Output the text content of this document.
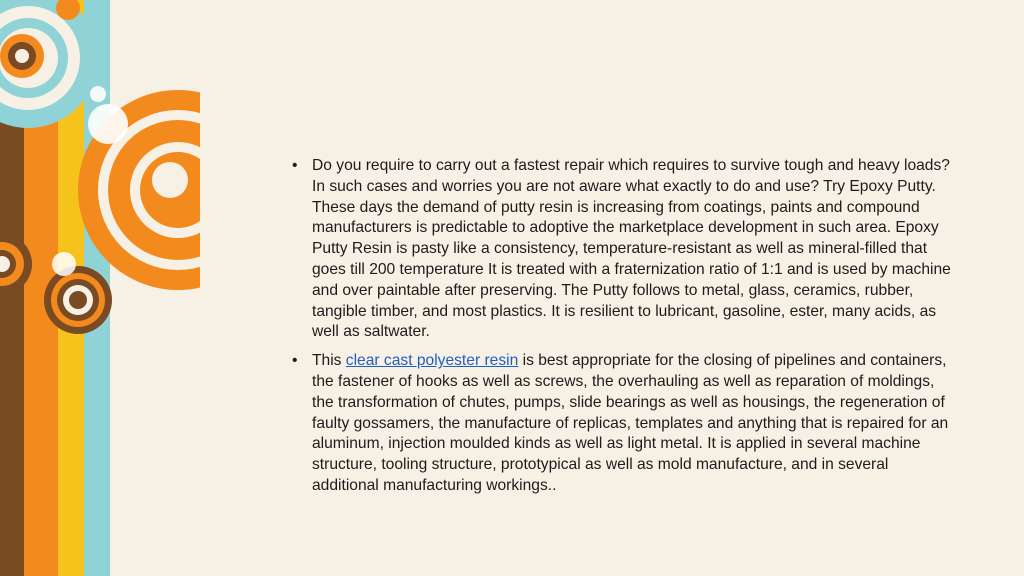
• Do you require to carry out a fastest repair which requires to survive tough and heavy loads? In such cases and worries you are not aware what exactly to do and use? Try Epoxy Putty. These days the demand of putty resin is increasing from coatings, paints and compound manufacturers is predictable to adoptive the marketplace development in such area. Epoxy Putty Resin is pasty like a consistency, temperature-resistant as well as mineral-filled that goes till 200 temperature It is treated with a fraternization ratio of 1:1 and is used by machine and over paintable after preserving. The Putty follows to metal, glass, ceramics, rubber, tangible timber, and most plastics. It is resilient to lubricant, gasoline, ester, many acids, as well as saltwater.
• This clear cast polyester resin is best appropriate for the closing of pipelines and containers, the fastener of hooks as well as screws, the overhauling as well as reparation of moldings, the transformation of chutes, pumps, slide bearings as well as housings, the regeneration of faulty gossamers, the manufacture of replicas, templates and anything that is repaired for an aluminum, injection moulded kinds as well as light metal. It is applied in several machine structure, tooling structure, prototypical as well as mold manufacture, and in several additional manufacturing workings..
